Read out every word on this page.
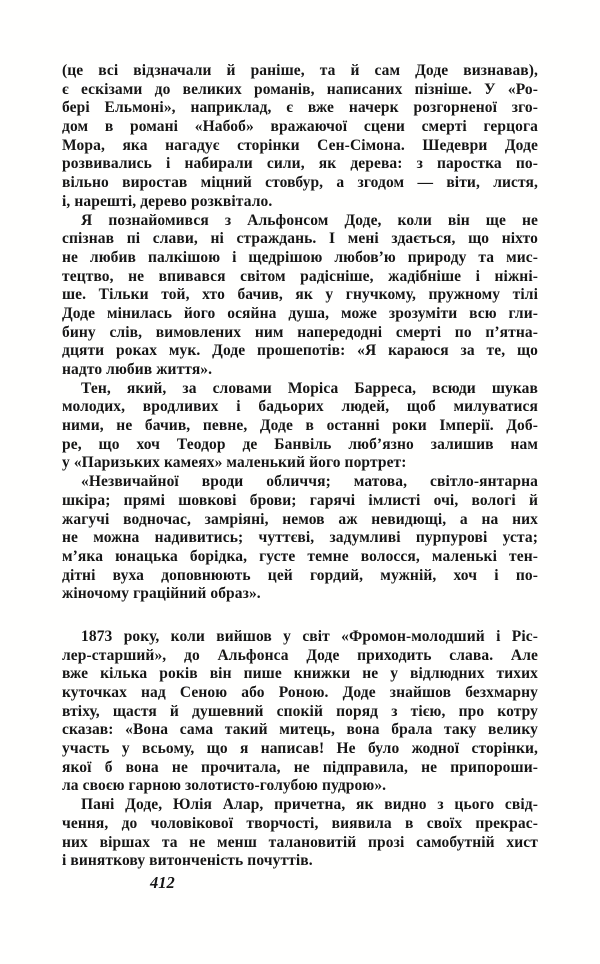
(це всі відзначали й раніше, та й сам Доде визнавав),
є ескізами до великих романів, написаних пізніше. У «Ро-
бері Ельмоні», наприклад, є вже начерк розгорненої зго-
дом в романі «Набоб» вражаючої сцени смерті герцога
Мора, яка нагадує сторінки Сен-Сімона. Шедеври Доде
розвивались і набирали сили, як дерева: з паростка по-
вільно виростав міцний стовбур, а згодом — віти, листя,
і, нарешті, дерево розквітало.
Я познайомився з Альфонсом Доде, коли він ще не
спізнав пі слави, ні страждань. І мені здається, що ніхто
не любив палкішою і щедрішою любов’ю природу та мис-
тецтво, не впивався світом радісніше, жадібніше і ніжні-
ше. Тільки той, хто бачив, як у гнучкому, пружному тілі
Доде мінилась його осяйна душа, може зрозуміти всю гли-
бину слів, вимовлених ним напередодні смерті по п’ятна-
дцяти роках мук. Доде прошепотів: «Я караюся за те, що
надто любив життя».
Тен, який, за словами Моріса Барреса, всюди шукав
молодих, вродливих і бадьорих людей, щоб милуватися
ними, не бачив, певне, Доде в останні роки Імперії. Доб-
ре, що хоч Теодор де Банвіль люб’язно залишив нам
у «Паризьких камеях» маленький його портрет:
«Незвичайної вроди обличчя; матова, світло-янтарна
шкіра; прямі шовкові брови; гарячі імлисті очі, вологі й
жагучі водночас, замріяні, немов аж невидющі, а на них
не можна надивитись; чуттєві, задумливі пурпурові уста;
м’яка юнацька борідка, густе темне волосся, маленькі тен-
дітні вуха доповнюють цей гордий, мужній, хоч і по-
жіночому граційний образ».
1873 року, коли вийшов у світ «Фромон-молодший і Ріс-
лер-старший», до Альфонса Доде приходить слава. Але
вже кілька років він пише книжки не у відлюдних тихих
куточках над Сеною або Роною. Доде знайшов безхмарну
втіху, щастя й душевний спокій поряд з тією, про котру
сказав: «Вона сама такий митець, вона брала таку велику
участь у всьому, що я написав! Не було жодної сторінки,
якої б вона не прочитала, не підправила, не припороши-
ла своєю гарною золотисто-голубою пудрою».
Пані Доде, Юлія Алар, причетна, як видно з цього свід-
чення, до чоловікової творчості, виявила в своїх прекрас-
них віршах та не менш талановитій прозі самобутній хист
і виняткову витонченість почуттів.
412
